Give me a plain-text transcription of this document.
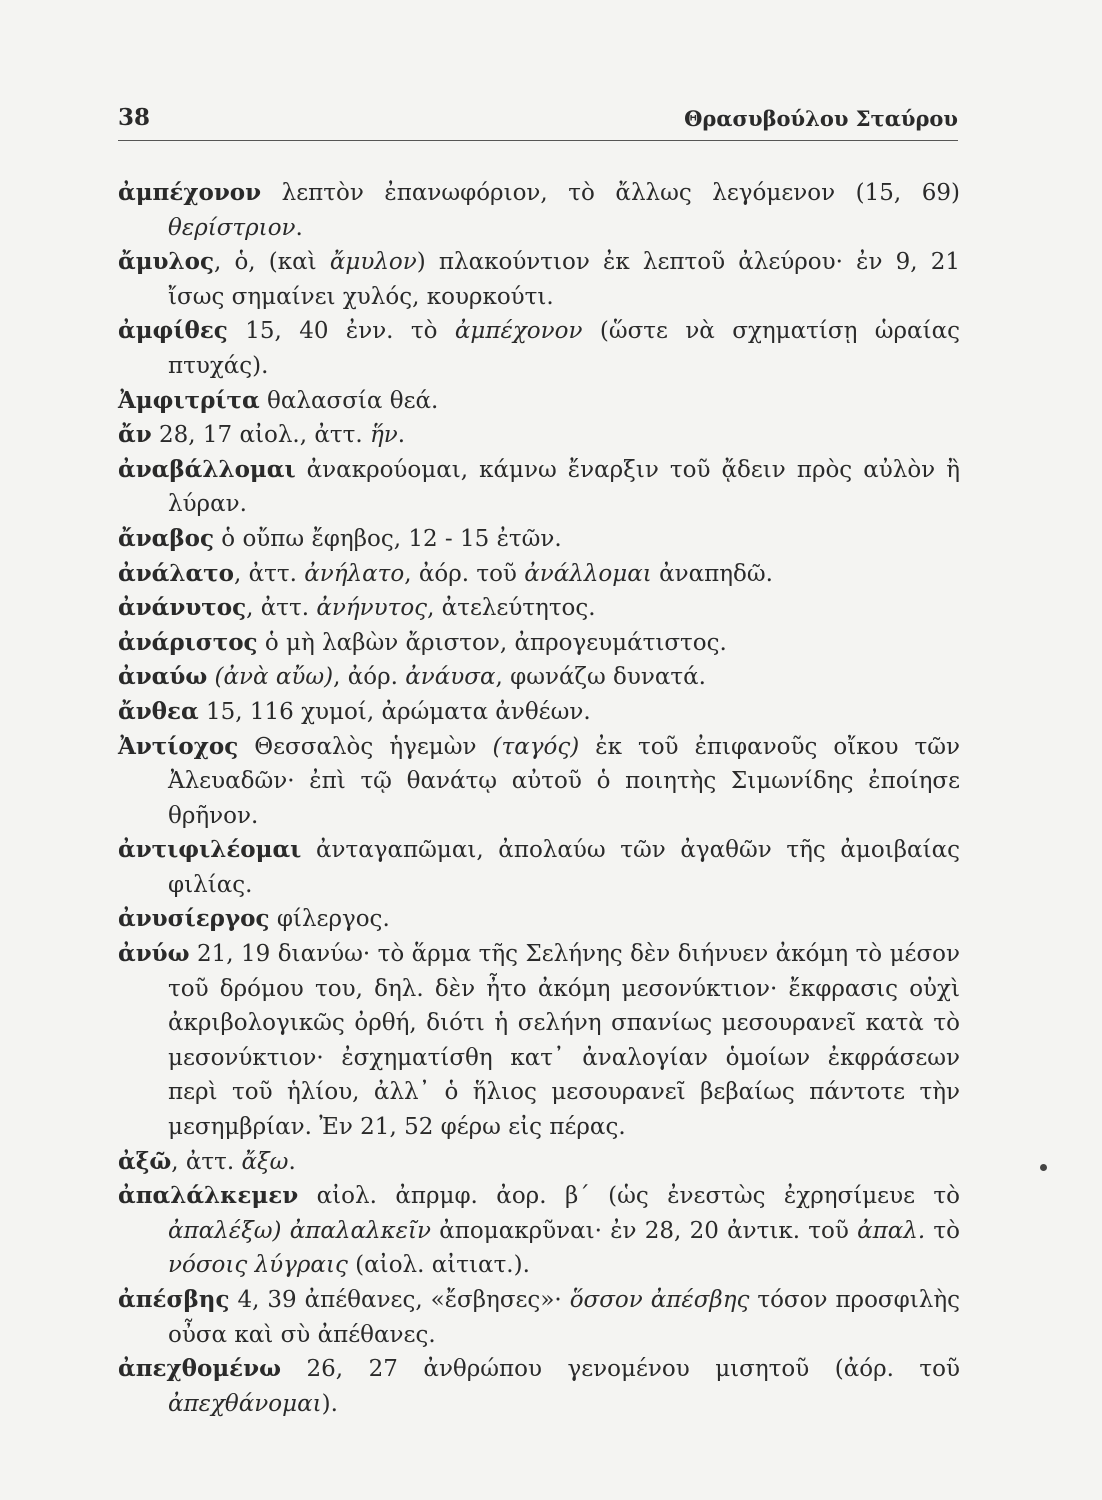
38	Θρασυβούλου Σταύρου

ἀμπέχονον λεπτὸν ἐπανωφόριον, τὸ ἄλλως λεγόμενον (15, 69) θερίστριον.

ἄμυλος, ὁ, (καὶ ἄμυλον) πλακούντιον ἐκ λεπτοῦ ἀλεύρου· ἐν 9, 21 ἴσως σημαίνει χυλός, κουρκούτι.

ἀμφίθες 15, 40 ἐνν. τὸ ἀμπέχονον (ὥστε νὰ σχηματίσῃ ὡραίας πτυχάς).

Ἀμφιτρίτα θαλασσία θεά.

ἄν 28, 17 αἰολ., ἀττ. ἥν.

ἀναβάλλομαι ἀνακρούομαι, κάμνω ἔναρξιν τοῦ ᾄδειν πρὸς αὐλὸν ἢ λύραν.

ἄναβος ὁ οὔπω ἔφηβος, 12 - 15 ἐτῶν.

ἀνάλατο, ἀττ. ἀνήλατο, ἀόρ. τοῦ ἀνάλλομαι ἀναπηδῶ.

ἀνάνυτος, ἀττ. ἀνήνυτος, ἀτελεύτητος.

ἀνάριστος ὁ μὴ λαβὼν ἄριστον, ἀπρογευμάτιστος.

ἀναύω (ἀνὰ αὔω), ἀόρ. ἀνάυσα, φωνάζω δυνατά.

ἄνθεα 15, 116 χυμοί, ἀρώματα ἀνθέων.

Ἀντίοχος Θεσσαλὸς ἡγεμὼν (ταγός) ἐκ τοῦ ἐπιφανοῦς οἴκου τῶν Ἀλευαδῶν· ἐπὶ τῷ θανάτῳ αὐτοῦ ὁ ποιητὴς Σιμωνίδης ἐποίησε θρῆνον.

ἀντιφιλέομαι ἀνταγαπῶμαι, ἀπολαύω τῶν ἀγαθῶν τῆς ἀμοιβαίας φιλίας.

ἀνυσίεργος φίλεργος.

ἀνύω 21, 19 διανύω· τὸ ἅρμα τῆς Σελήνης δὲν διήνυεν ἀκόμη τὸ μέσον τοῦ δρόμου του, δηλ. δὲν ἦτο ἀκόμη μεσονύκτιον· ἔκφρασις οὐχὶ ἀκριβολογικῶς ὀρθή, διότι ἡ σελήνη σπανίως μεσουρανεῖ κατὰ τὸ μεσονύκτιον· ἐσχηματίσθη κατ᾽ ἀναλογίαν ὁμοίων ἐκφράσεων περὶ τοῦ ἡλίου, ἀλλ᾽ ὁ ἥλιος μεσουρανεῖ βεβαίως πάντοτε τὴν μεσημβρίαν. Ἐν 21, 52 φέρω εἰς πέρας.

ἀξῶ, ἀττ. ἄξω.

ἀπαλάλκεμεν αἰολ. ἀπρμφ. ἀορ. β´ (ὡς ἐνεστὼς ἐχρησίμευε τὸ ἀπαλέξω) ἀπαλαλκεῖν ἀπομακρῦναι· ἐν 28, 20 ἀντικ. τοῦ ἀπαλ. τὸ νόσοις λύγραις (αἰολ. αἰτιατ.).

ἀπέσβης 4, 39 ἀπέθανες, «ἔσβησες»· ὅσσον ἀπέσβης τόσον προσφιλὴς οὖσα καὶ σὺ ἀπέθανες.

ἀπεχθομένω 26, 27 ἀνθρώπου γενομένου μισητοῦ (ἀόρ. τοῦ ἀπεχθάνομαι).
